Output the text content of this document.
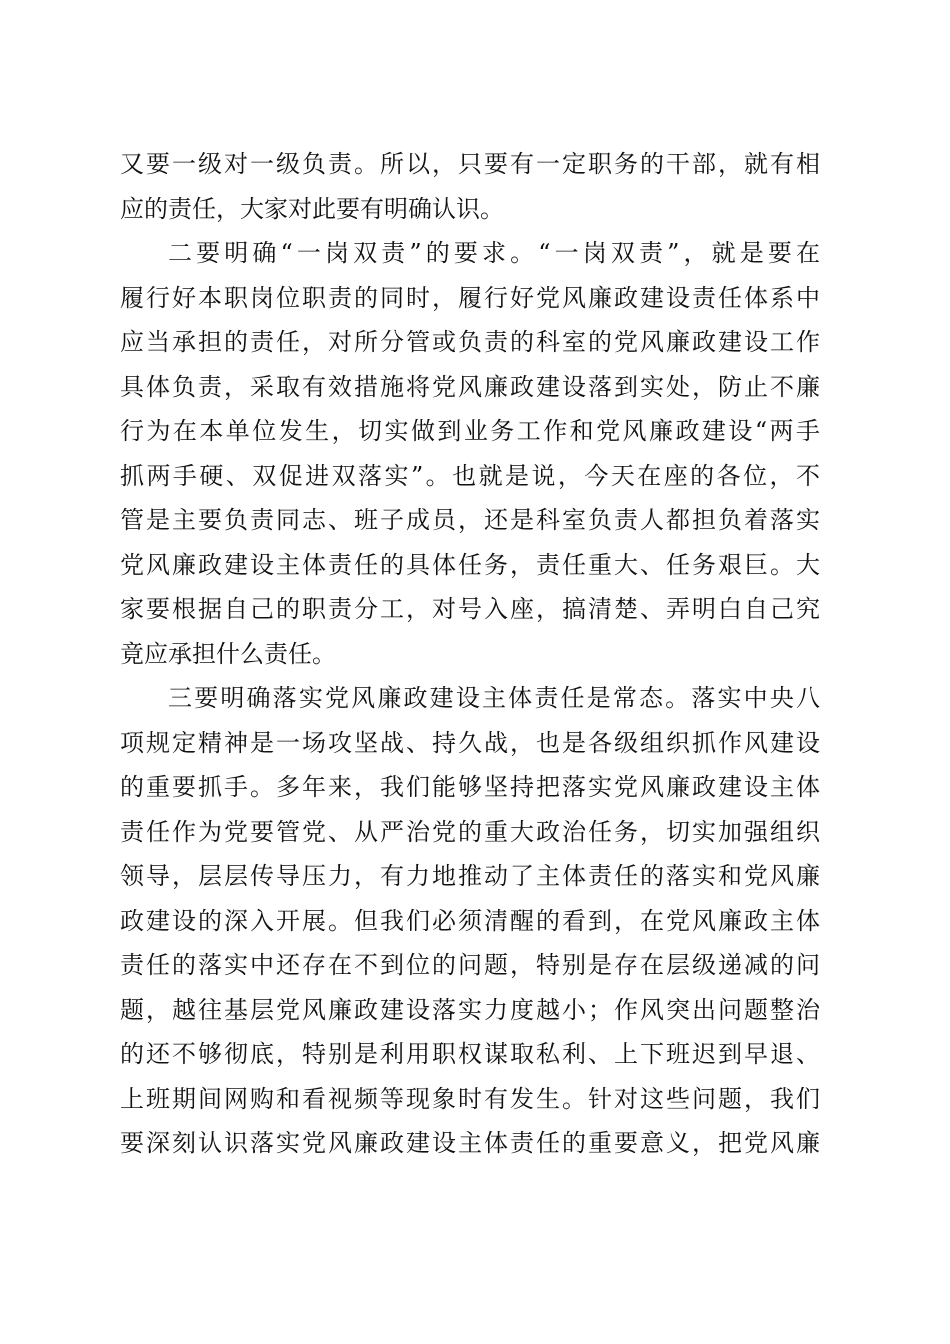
又要一级对一级负责。所以，只要有一定职务的干部，就有相
应的责任，大家对此要有明确认识。
二要明确“一岗双责”的要求。“一岗双责”，就是要在
履行好本职岗位职责的同时，履行好党风廉政建设责任体系中
应当承担的责任，对所分管或负责的科室的党风廉政建设工作
具体负责，采取有效措施将党风廉政建设落到实处，防止不廉
行为在本单位发生，切实做到业务工作和党风廉政建设“两手
抓两手硬、双促进双落实”。也就是说，今天在座的各位，不
管是主要负责同志、班子成员，还是科室负责人都担负着落实
党风廉政建设主体责任的具体任务，责任重大、任务艰巨。大
家要根据自己的职责分工，对号入座，搞清楚、弄明白自己究
竟应承担什么责任。
三要明确落实党风廉政建设主体责任是常态。落实中央八
项规定精神是一场攻坚战、持久战，也是各级组织抓作风建设
的重要抓手。多年来，我们能够坚持把落实党风廉政建设主体
责任作为党要管党、从严治党的重大政治任务，切实加强组织
领导，层层传导压力，有力地推动了主体责任的落实和党风廉
政建设的深入开展。但我们必须清醒的看到，在党风廉政主体
责任的落实中还存在不到位的问题，特别是存在层级递减的问
题，越往基层党风廉政建设落实力度越小；作风突出问题整治
的还不够彻底，特别是利用职权谋取私利、上下班迟到早退、
上班期间网购和看视频等现象时有发生。针对这些问题，我们
要深刻认识落实党风廉政建设主体责任的重要意义，把党风廉
